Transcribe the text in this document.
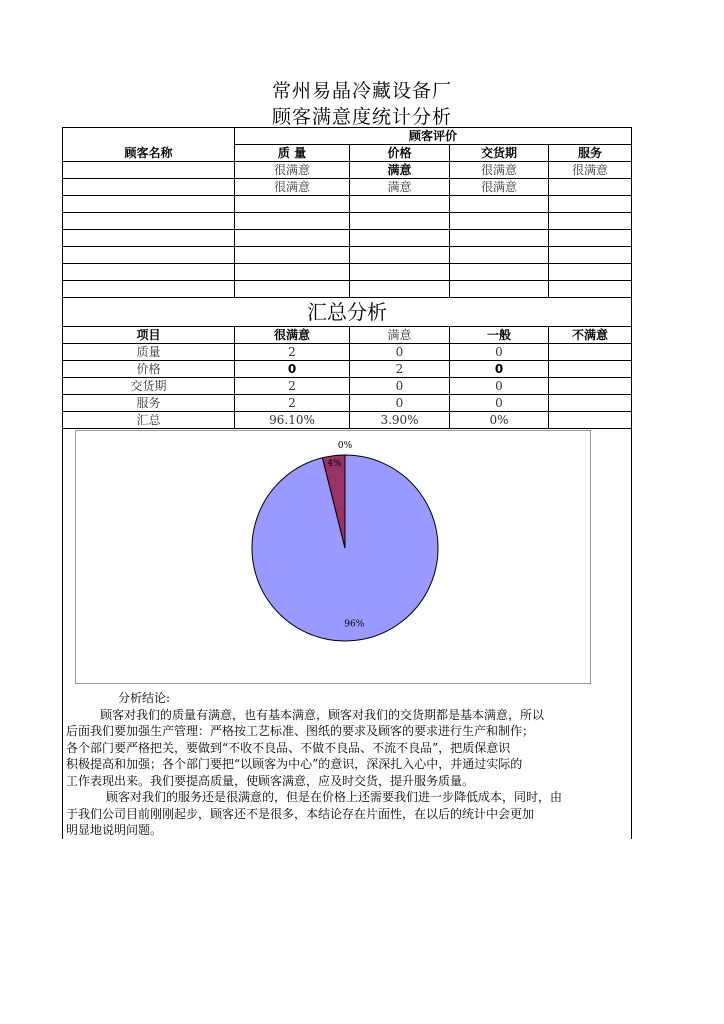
常州易晶冷藏设备厂
顾客满意度统计分析
顾客名称	顾客评价			
	质 量	价格	交货期	服务
	很满意	满意	很满意	很满意
	很满意	满意	很满意	

汇总分析				
项目	很满意	满意	一般	不满意
质量	2	0	0	
价格	0	2	0	
交货期	2	0	0	
服务	2	0	0	
汇总	96.10%	3.90%	0%	
96%
4%
0%

分析结论:

顾客对我们的质量有满意，也有基本满意，顾客对我们的交货期都是基本满意，所以

后面我们要加强生产管理：严格按工艺标准、图纸的要求及顾客的要求进行生产和制作；

各个部门要严格把关，要做到“不收不良品、不做不良品、不流不良品”，把质保意识

积极提高和加强；各个部门要把“以顾客为中心”的意识，深深扎入心中，并通过实际的

工作表现出来。我们要提高质量，使顾客满意，应及时交货，提升服务质量。

顾客对我们的服务还是很满意的，但是在价格上还需要我们进一步降低成本，同时，由

于我们公司目前刚刚起步，顾客还不是很多，本结论存在片面性，在以后的统计中会更加

明显地说明问题。
